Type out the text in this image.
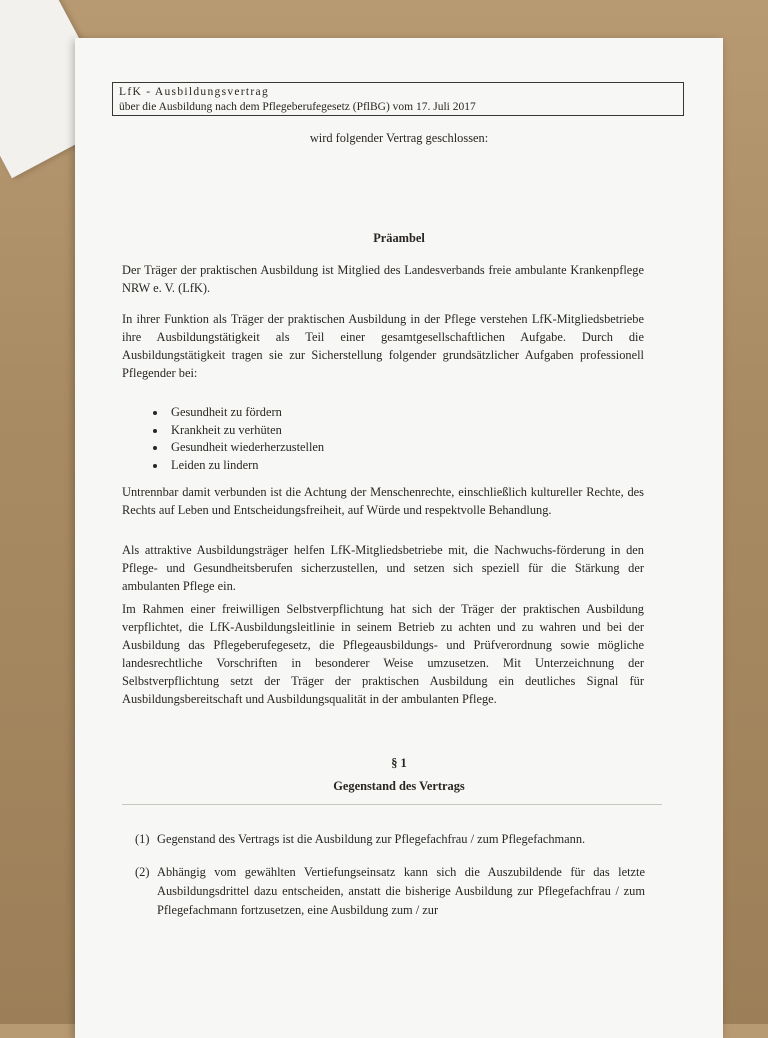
LfK - Ausbildungsvertrag
über die Ausbildung nach dem Pflegeberufegesetz (PflBG) vom 17. Juli 2017
wird folgender Vertrag geschlossen:
Präambel
Der Träger der praktischen Ausbildung ist Mitglied des Landesverbands freie ambulante Krankenpflege NRW e. V. (LfK).
In ihrer Funktion als Träger der praktischen Ausbildung in der Pflege verstehen LfK-Mitgliedsbetriebe ihre Ausbildungstätigkeit als Teil einer gesamtgesellschaftlichen Aufgabe. Durch die Ausbildungstätigkeit tragen sie zur Sicherstellung folgender grundsätzlicher Aufgaben professionell Pflegender bei:
• Gesundheit zu fördern
• Krankheit zu verhüten
• Gesundheit wiederherzustellen
• Leiden zu lindern
Untrennbar damit verbunden ist die Achtung der Menschenrechte, einschließlich kultureller Rechte, des Rechts auf Leben und Entscheidungsfreiheit, auf Würde und respektvolle Behandlung.
Als attraktive Ausbildungsträger helfen LfK-Mitgliedsbetriebe mit, die Nachwuchs-förderung in den Pflege- und Gesundheitsberufen sicherzustellen, und setzen sich speziell für die Stärkung der ambulanten Pflege ein.
Im Rahmen einer freiwilligen Selbstverpflichtung hat sich der Träger der praktischen Ausbildung verpflichtet, die LfK-Ausbildungsleitlinie in seinem Betrieb zu achten und zu wahren und bei der Ausbildung das Pflegeberufegesetz, die Pflegeausbildungs- und Prüfverordnung sowie mögliche landesrechtliche Vorschriften in besonderer Weise umzusetzen. Mit Unterzeichnung der Selbstverpflichtung setzt der Träger der praktischen Ausbildung ein deutliches Signal für Ausbildungsbereitschaft und Ausbildungsqualität in der ambulanten Pflege.
§ 1
Gegenstand des Vertrags
(1) Gegenstand des Vertrags ist die Ausbildung zur Pflegefachfrau / zum Pflegefachmann.
(2) Abhängig vom gewählten Vertiefungseinsatz kann sich die Auszubildende für das letzte Ausbildungsdrittel dazu entscheiden, anstatt die bisherige Ausbildung zur Pflegefachfrau / zum Pflegefachmann fortzusetzen, eine Ausbildung zum / zur
